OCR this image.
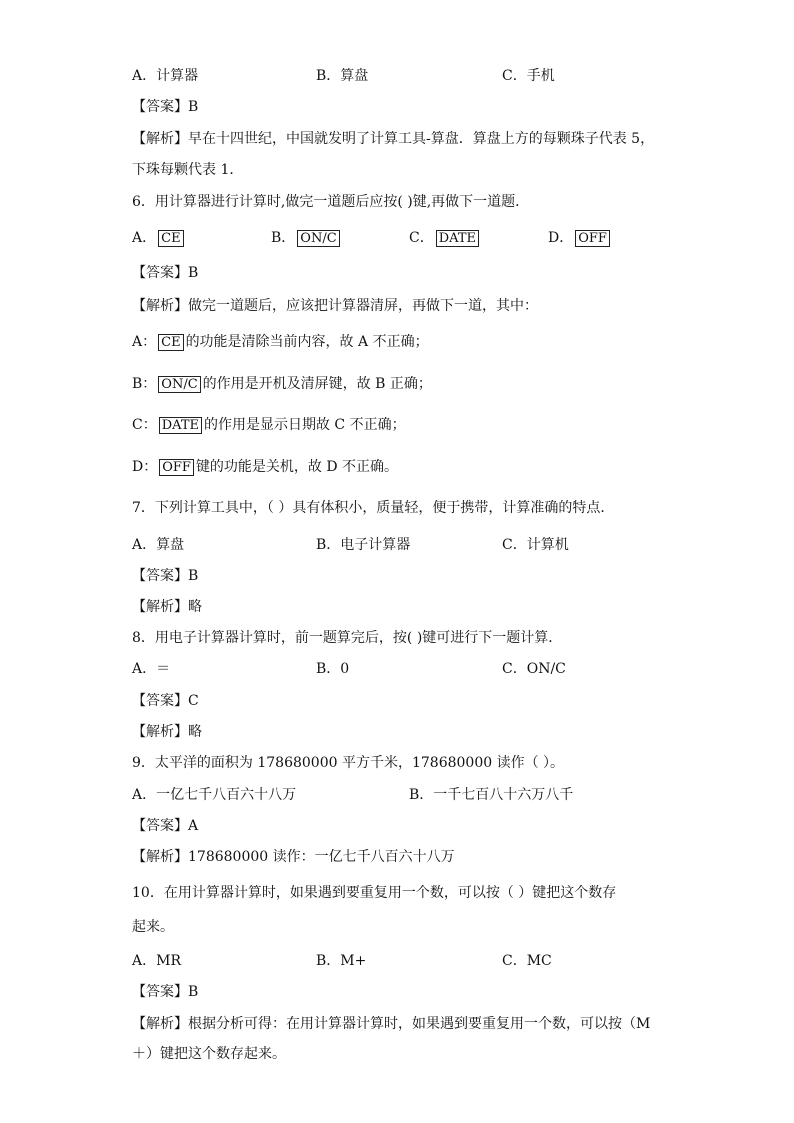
A．计算器	B．算盘	C．手机
【答案】B
【解析】早在十四世纪，中国就发明了计算工具-算盘．算盘上方的每颗珠子代表 5，
下珠每颗代表 1．
6．用计算器进行计算时,做完一道题后应按( )键,再做下一道题．
A． CE	B． ON/C	C． DATE	D． OFF
【答案】B
【解析】做完一道题后，应该把计算器清屏，再做下一道，其中：
A： CE 的功能是清除当前内容，故 A 不正确；
B： ON/C 的作用是开机及清屏键，故 B 正确；
C： DATE 的作用是显示日期故 C 不正确；
D： OFF 键的功能是关机，故 D 不正确。
7．下列计算工具中，（ ）具有体积小，质量轻，便于携带，计算准确的特点．
A．算盘	B．电子计算器	C．计算机
【答案】B
【解析】略
8．用电子计算器计算时，前一题算完后，按( )键可进行下一题计算．
A．＝	B．0	C．ON/C
【答案】C
【解析】略
9．太平洋的面积为 178680000 平方千米，178680000 读作（ ）。
A．一亿七千八百六十八万	B．一千七百八十六万八千
【答案】A
【解析】178680000 读作：一亿七千八百六十八万
10．在用计算器计算时，如果遇到要重复用一个数，可以按（ ）键把这个数存
起来。
A．MR	B．M+	C．MC
【答案】B
【解析】根据分析可得：在用计算器计算时，如果遇到要重复用一个数，可以按（M
＋）键把这个数存起来。
